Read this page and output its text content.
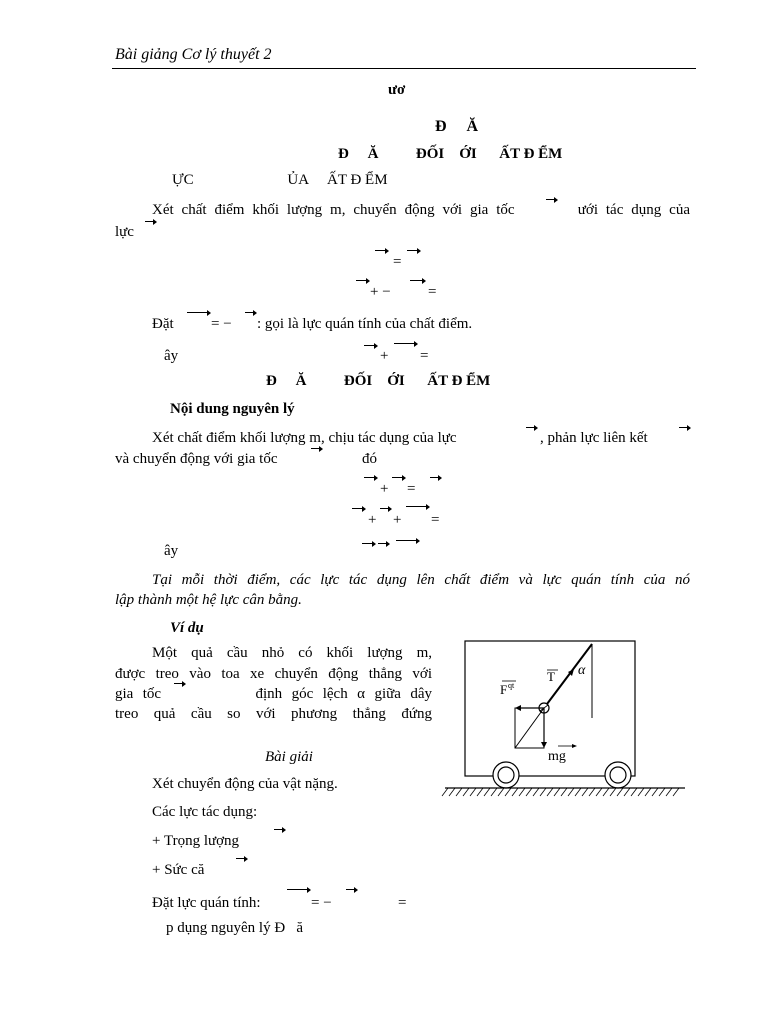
Bài giảng Cơ lý thuyết 2
ươ
Đ     Ă
Đ     Ă          ĐỐI    ỚI      ẤT Đ ỂM
ỰC                         ỦA     ẤT Đ ỂM
Xét chất điểm khối lượng m, chuyển động với gia tốc        ưới tác dụng của
lực
=
+ − =
Đặt = − : gọi là lực quán tính của chất điểm.
ây	+ =
Đ     Ă          ĐỐI    ỚI      ẤT Đ ỂM
Nội dung nguyên lý
Xét chất điểm khối lượng m, chịu tác dụng của lực	, phản lực liên kết
và chuyển động với gia tốc	đó
+ =
+ + =
ây
Tại mỗi thời điểm, các lực tác dụng lên chất điểm và lực quán tính của nó
lập thành một hệ lực cân bằng.
Ví dụ
Một quả cầu nhỏ có khối lượng m,
được treo vào toa xe chuyển động thẳng với
gia tốc          định góc lệch α giữa dây
treo quả cầu so với phương thẳng đứng
Bài giải
Xét chuyển động của vật nặng.
Các lực tác dụng:
+ Trọng lượng
+ Sức că
Đặt lực quán tính:	= −	=
p dụng nguyên lý Đ   ă
F qt
T α
mg
